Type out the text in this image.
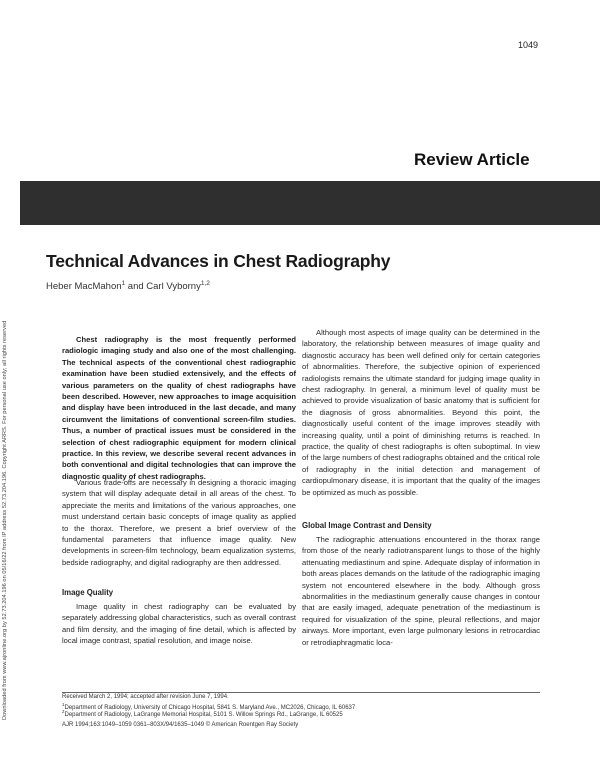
Downloaded from www.ajronline.org by 52.73.204.196 on 05/16/22 from IP address 52.73.204.196. Copyright ARRS. For personal use only; all rights reserved
1049
Review Article
Technical Advances in Chest Radiography
Heber MacMahon$^1$ and Carl Vyborny$^{1,2}$
Chest radiography is the most frequently performed radiologic imaging study and also one of the most challenging. The technical aspects of the conventional chest radiographic examination have been studied extensively, and the effects of various parameters on the quality of chest radiographs have been described. However, new approaches to image acquisition and display have been introduced in the last decade, and many circumvent the limitations of conventional screen-film studies. Thus, a number of practical issues must be considered in the selection of chest radiographic equipment for modern clinical practice. In this review, we describe several recent advances in both conventional and digital technologies that can improve the diagnostic quality of chest radiographs.
Various trade-offs are necessary in designing a thoracic imaging system that will display adequate detail in all areas of the chest. To appreciate the merits and limitations of the various approaches, one must understand certain basic concepts of image quality as applied to the thorax. Therefore, we present a brief overview of the fundamental parameters that influence image quality. New developments in screen-film technology, beam equalization systems, bedside radiography, and digital radiography are then addressed.
Image Quality
Image quality in chest radiography can be evaluated by separately addressing global characteristics, such as overall contrast and film density, and the imaging of fine detail, which is affected by local image contrast, spatial resolution, and image noise.
Although most aspects of image quality can be determined in the laboratory, the relationship between measures of image quality and diagnostic accuracy has been well defined only for certain categories of abnormalities. Therefore, the subjective opinion of experienced radiologists remains the ultimate standard for judging image quality in chest radiography. In general, a minimum level of quality must be achieved to provide visualization of basic anatomy that is sufficient for the diagnosis of gross abnormalities. Beyond this point, the diagnostically useful content of the image improves steadily with increasing quality, until a point of diminishing returns is reached. In practice, the quality of chest radiographs is often suboptimal. In view of the large numbers of chest radiographs obtained and the critical role of radiography in the initial detection and management of cardiopulmonary disease, it is important that the quality of the images be optimized as much as possible.
Global Image Contrast and Density
The radiographic attenuations encountered in the thorax range from those of the nearly radiotransparent lungs to those of the highly attenuating mediastinum and spine. Adequate display of information in both areas places demands on the latitude of the radiographic imaging system not encountered elsewhere in the body. Although gross abnormalities in the mediastinum generally cause changes in contour that are easily imaged, adequate penetration of the mediastinum is required for visualization of the spine, pleural reflections, and major airways. More important, even large pulmonary lesions in retrocardiac or retrodiaphragmatic loca-
Received March 2, 1994; accepted after revision June 7, 1994.
$^1$Department of Radiology, University of Chicago Hospital, 5841 S. Maryland Ave., MC2026, Chicago, IL 60637
$^2$Department of Radiology, LaGrange Memorial Hospital, 5101 S. Willow Springs Rd., LaGrange, IL 60525
AJR 1994;163:1049–1059 0361–803X/94/1635–1049 © American Roentgen Ray Society
